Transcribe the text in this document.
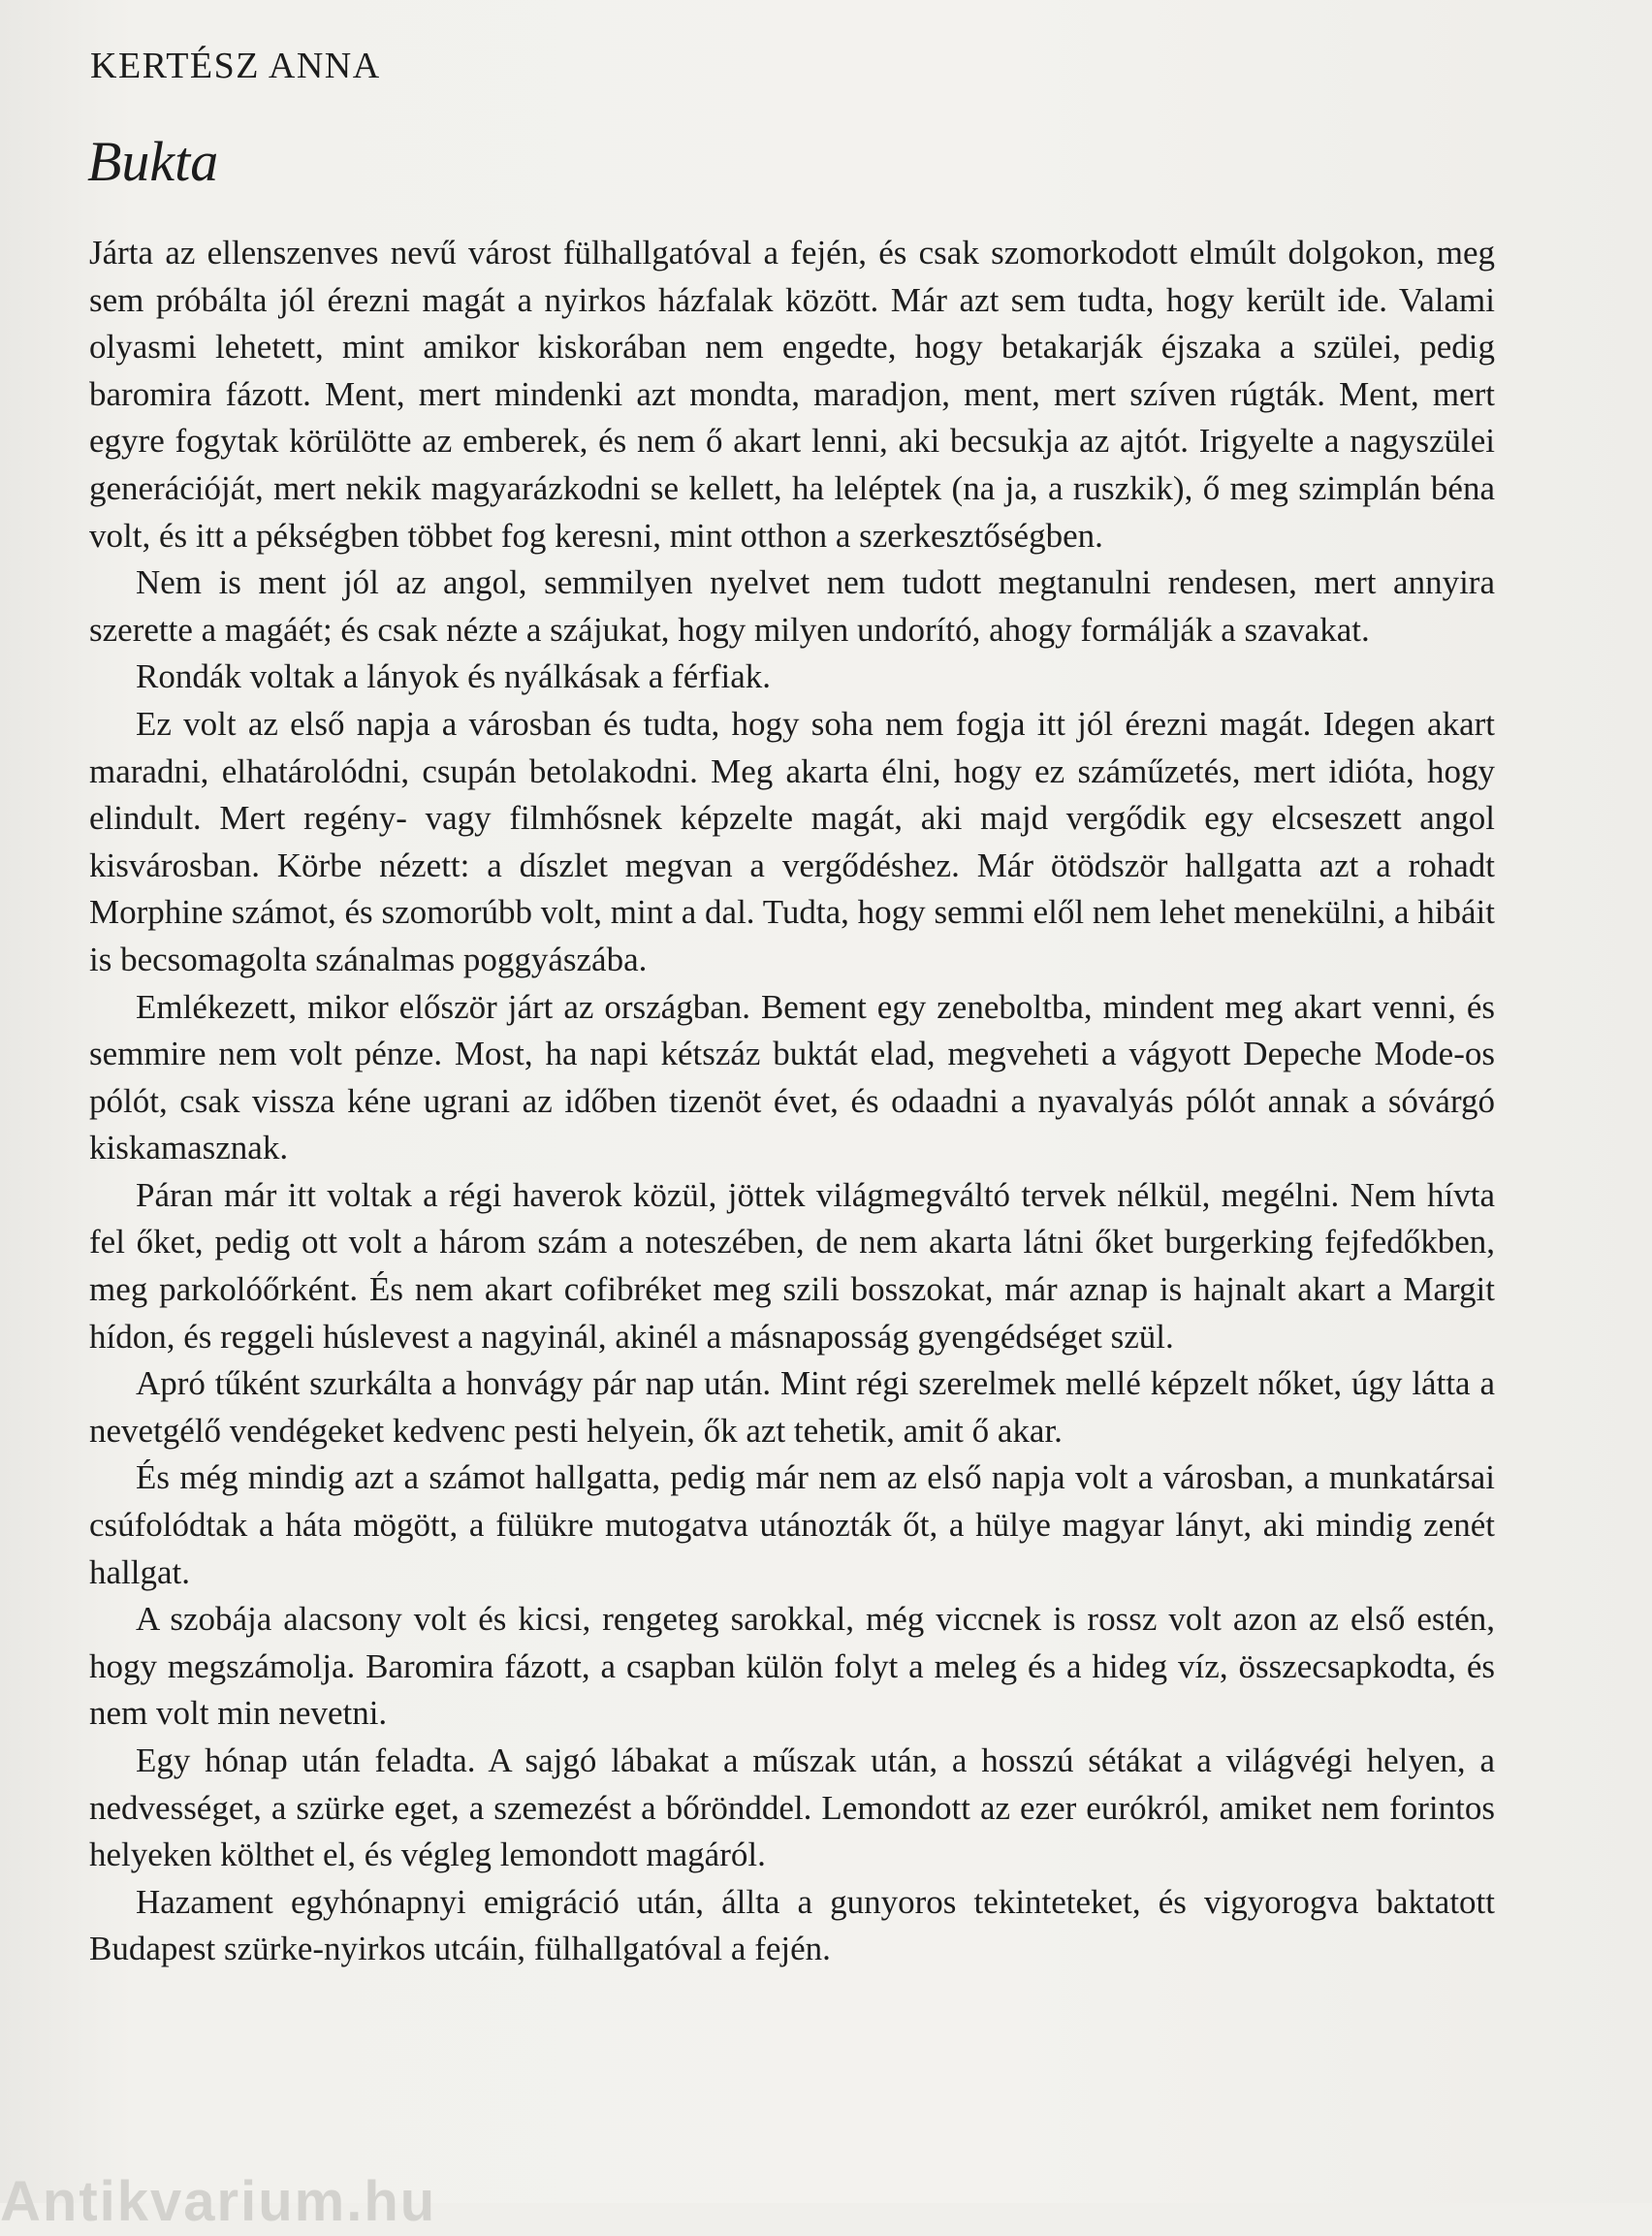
KERTÉSZ ANNA
Bukta

Járta az ellenszenves nevű várost fülhallgatóval a fején, és csak szomorkodott elmúlt dolgokon, meg sem próbálta jól érezni magát a nyirkos házfalak között. Már azt sem tudta, hogy került ide. Valami olyasmi lehetett, mint amikor kiskorában nem engedte, hogy betakarják éjszaka a szülei, pedig baromira fázott. Ment, mert mindenki azt mondta, maradjon, ment, mert szíven rúgták. Ment, mert egyre fogytak körülötte az emberek, és nem ő akart lenni, aki becsukja az ajtót. Irigyelte a nagyszülei generációját, mert nekik magyarázkodni se kellett, ha leléptek (na ja, a ruszkik), ő meg szimplán béna volt, és itt a pékségben többet fog keresni, mint otthon a szerkesztőségben.

Nem is ment jól az angol, semmilyen nyelvet nem tudott megtanulni rendesen, mert annyira szerette a magáét; és csak nézte a szájukat, hogy milyen undorító, ahogy formálják a szavakat.

Rondák voltak a lányok és nyálkásak a férfiak.

Ez volt az első napja a városban és tudta, hogy soha nem fogja itt jól érezni magát. Idegen akart maradni, elhatárolódni, csupán betolakodni. Meg akarta élni, hogy ez száműzetés, mert idióta, hogy elindult. Mert regény- vagy filmhősnek képzelte magát, aki majd vergődik egy elcseszett angol kisvárosban. Körbe nézett: a díszlet megvan a vergődéshez. Már ötödször hallgatta azt a rohadt Morphine számot, és szomorúbb volt, mint a dal. Tudta, hogy semmi elől nem lehet menekülni, a hibáit is becsomagolta szánalmas poggyászába.

Emlékezett, mikor először járt az országban. Bement egy zeneboltba, mindent meg akart venni, és semmire nem volt pénze. Most, ha napi kétszáz buktát elad, megveheti a vágyott Depeche Mode-os pólót, csak vissza kéne ugrani az időben tizenöt évet, és odaadni a nyavalyás pólót annak a sóvárgó kiskamasznak.

Páran már itt voltak a régi haverok közül, jöttek világmegváltó tervek nélkül, megélni. Nem hívta fel őket, pedig ott volt a három szám a noteszében, de nem akarta látni őket burgerking fejfedőkben, meg parkolóőrként. És nem akart cofibréket meg szili bosszokat, már aznap is hajnalt akart a Margit hídon, és reggeli húslevest a nagyinál, akinél a másnaposság gyengédséget szül.

Apró tűként szurkálta a honvágy pár nap után. Mint régi szerelmek mellé képzelt nőket, úgy látta a nevetgélő vendégeket kedvenc pesti helyein, ők azt tehetik, amit ő akar.

És még mindig azt a számot hallgatta, pedig már nem az első napja volt a városban, a munkatársai csúfolódtak a háta mögött, a fülükre mutogatva utánozták őt, a hülye magyar lányt, aki mindig zenét hallgat.

A szobája alacsony volt és kicsi, rengeteg sarokkal, még viccnek is rossz volt azon az első estén, hogy megszámolja. Baromira fázott, a csapban külön folyt a meleg és a hideg víz, összecsapkodta, és nem volt min nevetni.

Egy hónap után feladta. A sajgó lábakat a műszak után, a hosszú sétákat a világvégi helyen, a nedvességet, a szürke eget, a szemezést a bőrönddel. Lemondott az ezer eurókról, amiket nem forintos helyeken költhet el, és végleg lemondott magáról.

Hazament egyhónapnyi emigráció után, állta a gunyoros tekinteteket, és vigyorogva baktatott Budapest szürke-nyirkos utcáin, fülhallgatóval a fején.

Antikvarium.hu
